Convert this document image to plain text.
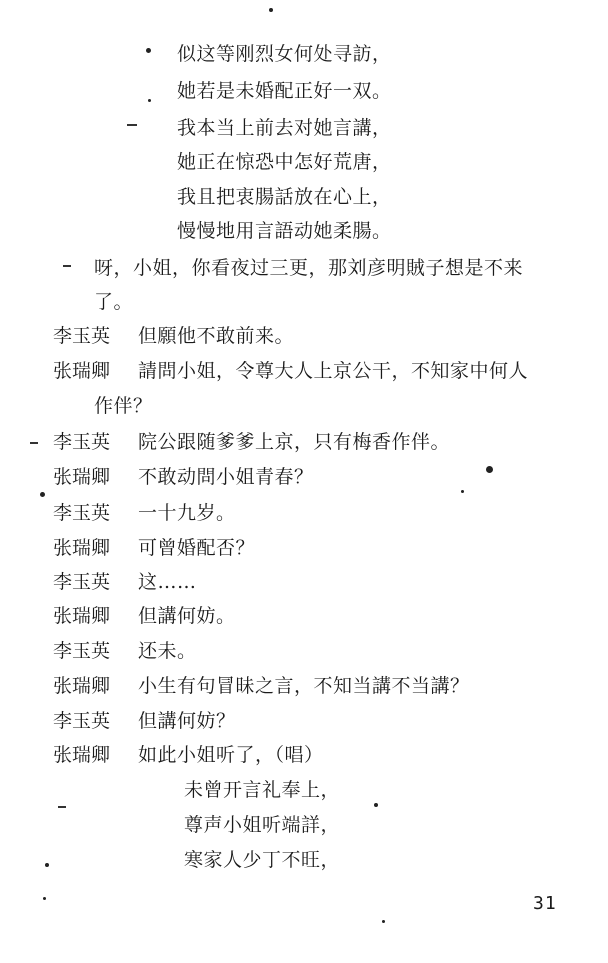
似这等刚烈女何处寻訪，
她若是未婚配正好一双。
我本当上前去对她言講，
她正在惊恐中怎好荒唐，
我且把衷腸話放在心上，
慢慢地用言語动她柔腸。
呀，小姐，你看夜过三更，那刘彦明賊子想是不来
了。
李玉英 但願他不敢前来。
张瑞卿 請問小姐，令尊大人上京公干，不知家中何人
作伴？
李玉英 院公跟随爹爹上京，只有梅香作伴。
张瑞卿 不敢动問小姐青春？
李玉英 一十九岁。
张瑞卿 可曾婚配否？
李玉英 这……
张瑞卿 但講何妨。
李玉英 还未。
张瑞卿 小生有句冒昧之言，不知当講不当講？
李玉英 但講何妨？
张瑞卿 如此小姐听了，（唱）
未曾开言礼奉上，
尊声小姐听端詳，
寒家人少丁不旺，
31
